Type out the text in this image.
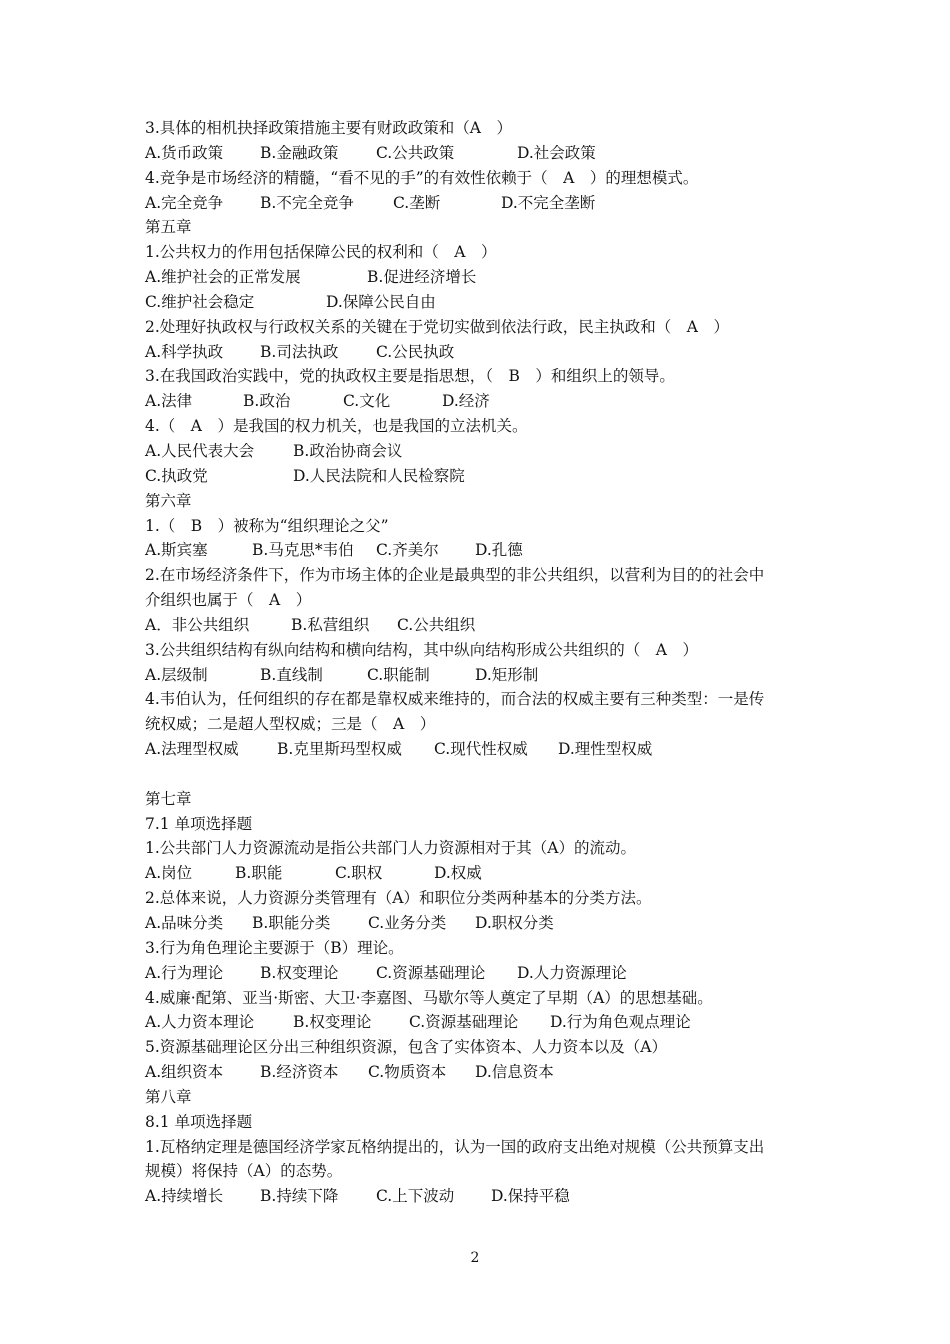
3.具体的相机抉择政策措施主要有财政政策和（A　）
A.货币政策 B.金融政策 C.公共政策	D.社会政策
4.竞争是市场经济的精髓，“看不见的手”的有效性依赖于（　A　）的理想模式。
A.完全竞争 B.不完全竞争	C.垄断	D.不完全垄断
第五章
1.公共权力的作用包括保障公民的权利和（　A　）
A.维护社会的正常发展	B.促进经济增长
C.维护社会稳定	D.保障公民自由
2.处理好执政权与行政权关系的关键在于党切实做到依法行政，民主执政和（　A　）
A.科学执政 B.司法执政 C.公民执政
3.在我国政治实践中，党的执政权主要是指思想，（　B　）和组织上的领导。
A.法律	B.政治	C.文化	D.经济
4.（　A　）是我国的权力机关，也是我国的立法机关。
A.人民代表大会	B.政治协商会议
C.执政党	D.人民法院和人民检察院
第六章
1.（　B　）被称为“组织理论之父”
A.斯宾塞	B.马克思*韦伯 C.齐美尔 D.孔德
2.在市场经济条件下，作为市场主体的企业是最典型的非公共组织，以营利为目的的社会中
介组织也属于（　A　）
A．非公共组织	B.私营组织 C.公共组织
3.公共组织结构有纵向结构和横向结构，其中纵向结构形成公共组织的（　A　）
A.层级制	B.直线制	C.职能制	D.矩形制
4.韦伯认为，任何组织的存在都是靠权威来维持的，而合法的权威主要有三种类型：一是传
统权威；二是超人型权威；三是（　A　）
A.法理型权威 B.克里斯玛型权威 C.现代性权威 D.理性型权威
第七章
7.1 单项选择题
1.公共部门人力资源流动是指公共部门人力资源相对于其（A）的流动。
A.岗位	B.职能	C.职权	D.权威
2.总体来说，人力资源分类管理有（A）和职位分类两种基本的分类方法。
A.品味分类 B.职能分类 C.业务分类 D.职权分类
3.行为角色理论主要源于（B）理论。
A.行为理论 B.权变理论 C.资源基础理论 D.人力资源理论
4.威廉·配第、亚当·斯密、大卫·李嘉图、马歇尔等人奠定了早期（A）的思想基础。
A.人力资本理论	B.权变理论 C.资源基础理论 D.行为角色观点理论
5.资源基础理论区分出三种组织资源，包含了实体资本、人力资本以及（A）
A.组织资本 B.经济资本 C.物质资本 D.信息资本
第八章
8.1 单项选择题
1.瓦格纳定理是德国经济学家瓦格纳提出的，认为一国的政府支出绝对规模（公共预算支出
规模）将保持（A）的态势。
A.持续增长 B.持续下降 C.上下波动 D.保持平稳
2
